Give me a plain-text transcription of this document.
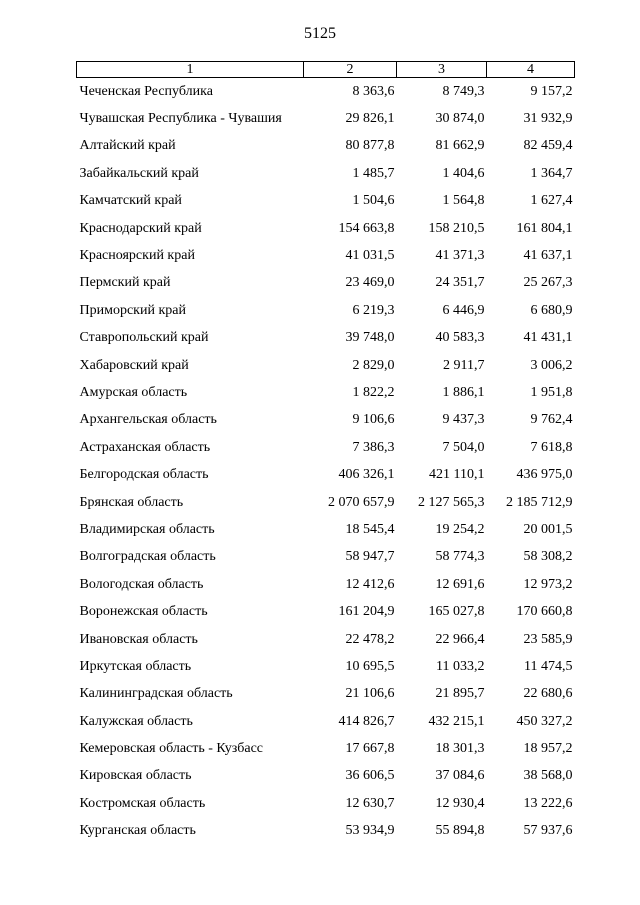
5125
1	2	3	4
Чеченская Республика	8 363,6	8 749,3	9 157,2
Чувашская Республика - Чувашия	29 826,1	30 874,0	31 932,9
Алтайский край	80 877,8	81 662,9	82 459,4
Забайкальский край	1 485,7	1 404,6	1 364,7
Камчатский край	1 504,6	1 564,8	1 627,4
Краснодарский край	154 663,8	158 210,5	161 804,1
Красноярский край	41 031,5	41 371,3	41 637,1
Пермский край	23 469,0	24 351,7	25 267,3
Приморский край	6 219,3	6 446,9	6 680,9
Ставропольский край	39 748,0	40 583,3	41 431,1
Хабаровский край	2 829,0	2 911,7	3 006,2
Амурская область	1 822,2	1 886,1	1 951,8
Архангельская область	9 106,6	9 437,3	9 762,4
Астраханская область	7 386,3	7 504,0	7 618,8
Белгородская область	406 326,1	421 110,1	436 975,0
Брянская область	2 070 657,9	2 127 565,3	2 185 712,9
Владимирская область	18 545,4	19 254,2	20 001,5
Волгоградская область	58 947,7	58 774,3	58 308,2
Вологодская область	12 412,6	12 691,6	12 973,2
Воронежская область	161 204,9	165 027,8	170 660,8
Ивановская область	22 478,2	22 966,4	23 585,9
Иркутская область	10 695,5	11 033,2	11 474,5
Калининградская область	21 106,6	21 895,7	22 680,6
Калужская область	414 826,7	432 215,1	450 327,2
Кемеровская область - Кузбасс	17 667,8	18 301,3	18 957,2
Кировская область	36 606,5	37 084,6	38 568,0
Костромская область	12 630,7	12 930,4	13 222,6
Курганская область	53 934,9	55 894,8	57 937,6
